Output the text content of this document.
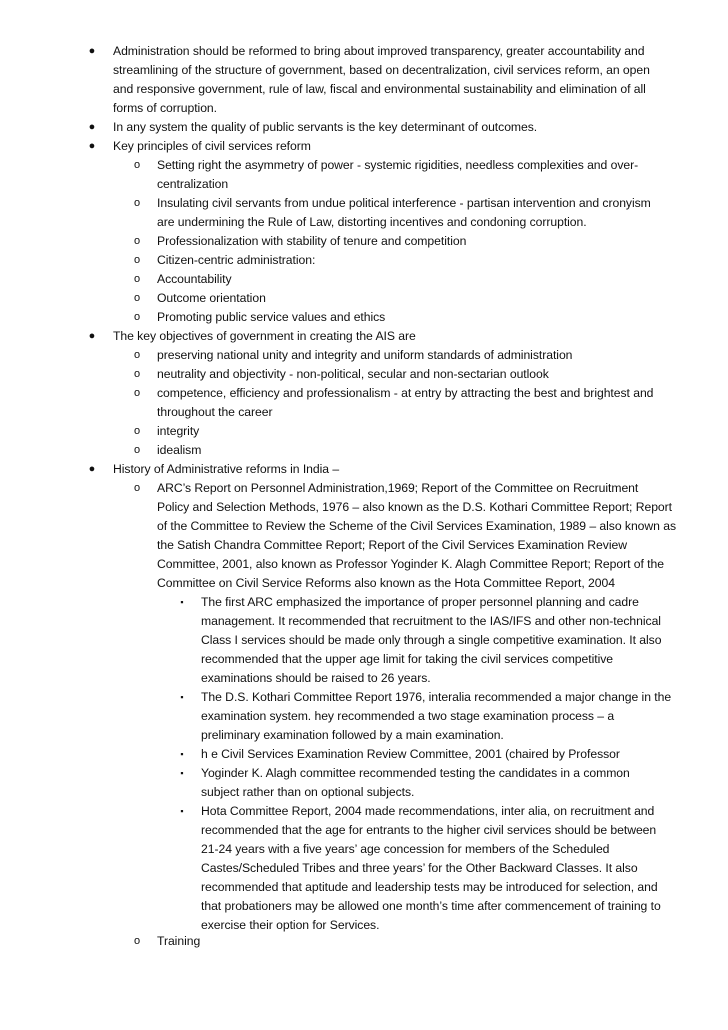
●
●
●
●
●
o
o
o
o
o
o
o
o
o
o
o
o
o
o
▪
▪
▪
▪
▪
Administration should be reformed to bring about improved transparency, greater accountability and
streamlining of the structure of government, based on decentralization, civil services reform, an open
and responsive government, rule of law, fiscal and environmental sustainability and elimination of all
forms of corruption.
In any system the quality of public servants is the key determinant of outcomes.
Key principles of civil services reform
Setting right the asymmetry of power - systemic rigidities, needless complexities and over-
centralization
Insulating civil servants from undue political interference - partisan intervention and cronyism
are undermining the Rule of Law, distorting incentives and condoning corruption.
Professionalization with stability of tenure and competition
Citizen-centric administration:
Accountability
Outcome orientation
Promoting public service values and ethics
The key objectives of government in creating the AIS are
preserving national unity and integrity and uniform standards of administration
neutrality and objectivity - non-political, secular and non-sectarian outlook
competence, efficiency and professionalism - at entry by attracting the best and brightest and
throughout the career
integrity
idealism
History of Administrative reforms in India –
ARC’s Report on Personnel Administration,1969; Report of the Committee on Recruitment
Policy and Selection Methods, 1976 – also known as the D.S. Kothari Committee Report; Report
of the Committee to Review the Scheme of the Civil Services Examination, 1989 – also known as
the Satish Chandra Committee Report; Report of the Civil Services Examination Review
Committee, 2001, also known as Professor Yoginder K. Alagh Committee Report; Report of the
Committee on Civil Service Reforms also known as the Hota Committee Report, 2004
The first ARC emphasized the importance of proper personnel planning and cadre
management. It recommended that recruitment to the IAS/IFS and other non-technical
Class I services should be made only through a single competitive examination. It also
recommended that the upper age limit for taking the civil services competitive
examinations should be raised to 26 years.
The D.S. Kothari Committee Report 1976, interalia recommended a major change in the
examination system. hey recommended a two stage examination process – a
preliminary examination followed by a main examination.
h e Civil Services Examination Review Committee, 2001 (chaired by Professor
Yoginder K. Alagh committee recommended testing the candidates in a common
subject rather than on optional subjects.
Hota Committee Report, 2004 made recommendations, inter alia, on recruitment and
recommended that the age for entrants to the higher civil services should be between
21-24 years with a five years’ age concession for members of the Scheduled
Castes/Scheduled Tribes and three years’ for the Other Backward Classes. It also
recommended that aptitude and leadership tests may be introduced for selection, and
that probationers may be allowed one month’s time after commencement of training to
exercise their option for Services.
Training
